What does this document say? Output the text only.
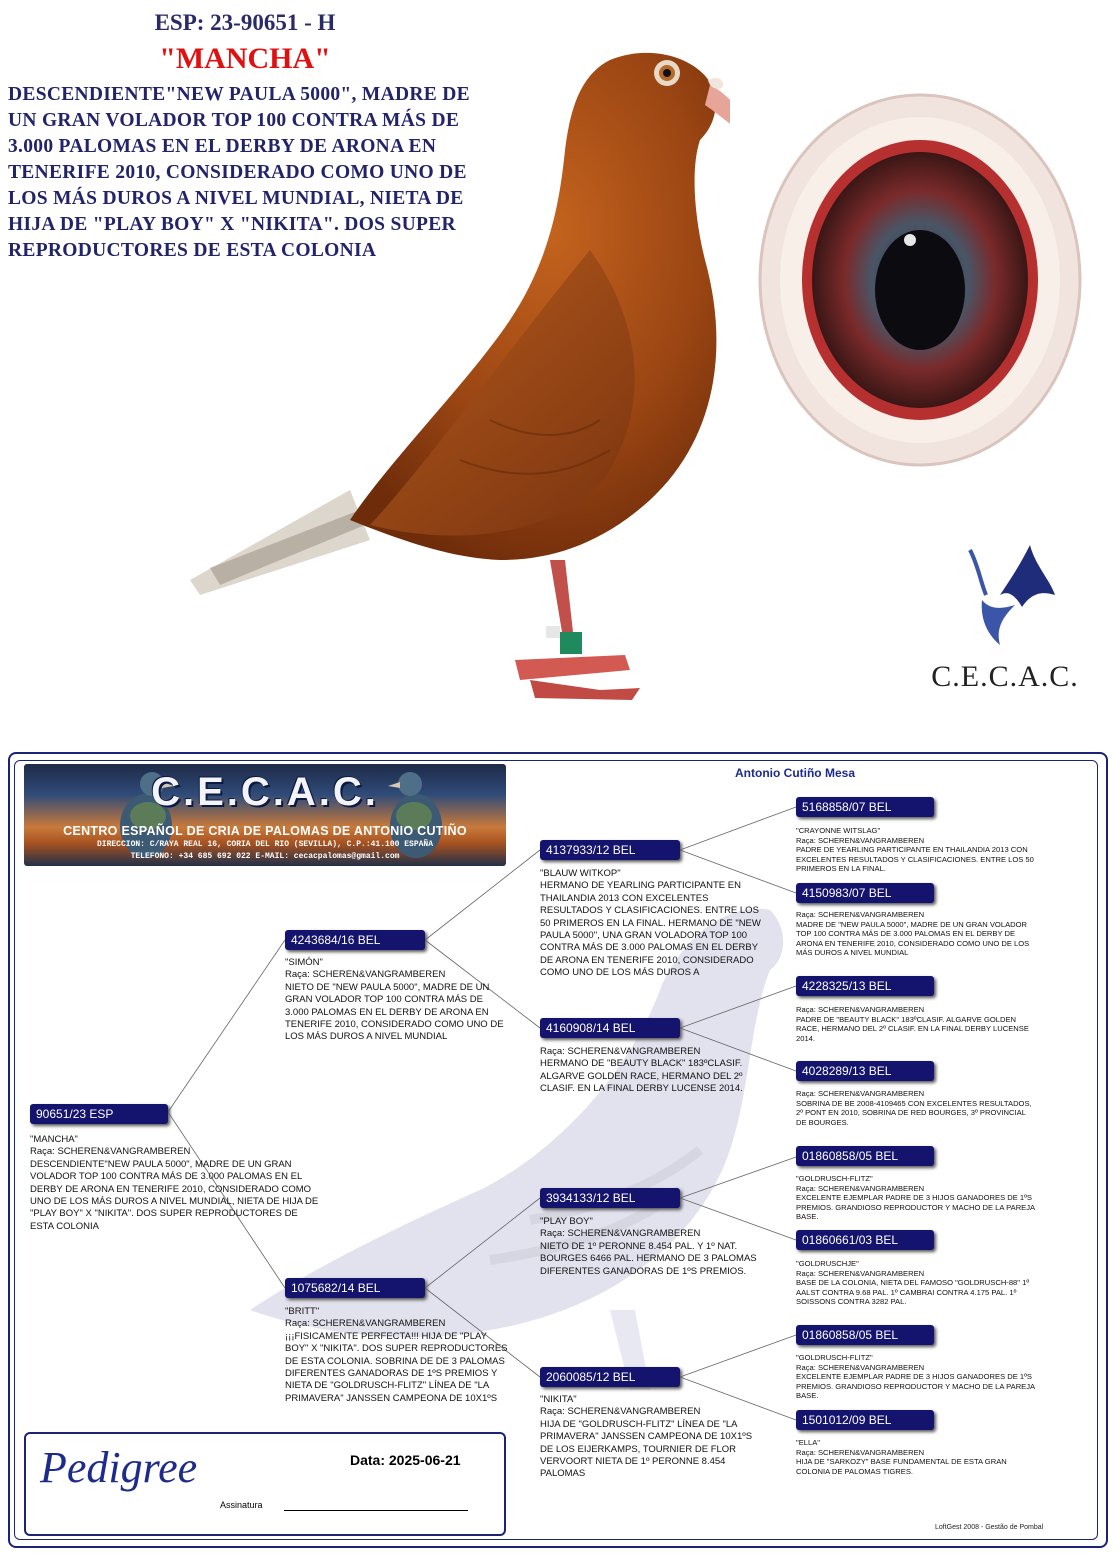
ESP: 23-90651 - H
"MANCHA"
DESCENDIENTE"NEW PAULA 5000", MADRE DE UN GRAN VOLADOR TOP 100 CONTRA MÁS DE 3.000 PALOMAS EN EL DERBY DE ARONA EN TENERIFE 2010, CONSIDERADO COMO UNO DE LOS MÁS DUROS A NIVEL MUNDIAL, NIETA DE HIJA DE "PLAY BOY" X "NIKITA". DOS SUPER REPRODUCTORES DE ESTA COLONIA
C.E.C.A.C.
C.E.C.A.C.
CENTRO ESPAÑOL DE CRIA DE PALOMAS DE ANTONIO CUTIÑO
DIRECCION: C/RAYA REAL 16, CORIA DEL RIO (SEVILLA), C.P.:41.100 ESPAÑA
TELEFONO: +34 685 692 022 E-MAIL: cecacpalomas@gmail.com
Antonio Cutiño Mesa
90651/23 ESP
"MANCHA"
Raça: SCHEREN&VANGRAMBEREN
DESCENDIENTE"NEW PAULA 5000", MADRE DE UN GRAN VOLADOR TOP 100 CONTRA MÁS DE 3.000 PALOMAS EN EL DERBY DE ARONA EN TENERIFE 2010, CONSIDERADO COMO UNO DE LOS MÁS DUROS A NIVEL MUNDIAL, NIETA DE HIJA DE "PLAY BOY" X "NIKITA". DOS SUPER REPRODUCTORES DE ESTA COLONIA
4243684/16 BEL
"SIMÓN"
Raça: SCHEREN&VANGRAMBEREN
NIETO DE "NEW PAULA 5000", MADRE DE UN GRAN VOLADOR TOP 100 CONTRA MÁS DE 3.000 PALOMAS EN EL DERBY DE ARONA EN TENERIFE 2010, CONSIDERADO COMO UNO DE LOS MÁS DUROS A NIVEL MUNDIAL
1075682/14 BEL
"BRITT"
Raça: SCHEREN&VANGRAMBEREN
¡¡¡FISICAMENTE PERFECTA!!! HIJA DE "PLAY BOY" X "NIKITA". DOS SUPER REPRODUCTORES DE ESTA COLONIA. SOBRINA DE DE 3 PALOMAS DIFERENTES GANADORAS DE 1ºS PREMIOS Y NIETA DE "GOLDRUSCH-FLITZ" LÍNEA DE "LA PRIMAVERA" JANSSEN CAMPEONA DE 10X1ºS
4137933/12 BEL
"BLAUW WITKOP"
HERMANO DE YEARLING PARTICIPANTE EN THAILANDIA 2013 CON EXCELENTES RESULTADOS Y CLASIFICACIONES. ENTRE LOS 50 PRIMEROS EN LA FINAL. HERMANO DE "NEW PAULA 5000", UNA GRAN VOLADORA TOP 100 CONTRA MÁS DE 3.000 PALOMAS EN EL DERBY DE ARONA EN TENERIFE 2010, CONSIDERADO COMO UNO DE LOS MÁS DUROS A
4160908/14 BEL
Raça: SCHEREN&VANGRAMBEREN
HERMANO DE "BEAUTY BLACK" 183ºCLASIF. ALGARVE GOLDEN RACE, HERMANO DEL 2º CLASIF. EN LA FINAL DERBY LUCENSE 2014.
3934133/12 BEL
"PLAY BOY"
Raça: SCHEREN&VANGRAMBEREN
NIETO DE 1º PERONNE 8.454 PAL. Y 1º NAT. BOURGES 6466 PAL. HERMANO DE 3 PALOMAS DIFERENTES GANADORAS DE 1ºS PREMIOS.
2060085/12 BEL
"NIKITA"
Raça: SCHEREN&VANGRAMBEREN
HIJA DE "GOLDRUSCH-FLITZ" LÍNEA DE "LA PRIMAVERA" JANSSEN CAMPEONA DE 10X1ºS DE LOS EIJERKAMPS, TOURNIER DE FLOR VERVOORT NIETA DE 1º PERONNE 8.454 PALOMAS
5168858/07 BEL
"CRAYONNE WITSLAG"
Raça: SCHEREN&VANGRAMBEREN
PADRE DE YEARLING PARTICIPANTE EN THAILANDIA 2013 CON EXCELENTES RESULTADOS Y CLASIFICACIONES. ENTRE LOS 50 PRIMEROS EN LA FINAL.
4150983/07 BEL
Raça: SCHEREN&VANGRAMBEREN
MADRE DE "NEW PAULA 5000", MADRE DE UN GRAN VOLADOR TOP 100 CONTRA MÁS DE 3.000 PALOMAS EN EL DERBY DE ARONA EN TENERIFE 2010, CONSIDERADO COMO UNO DE LOS MÁS DUROS A NIVEL MUNDIAL
4228325/13 BEL
Raça: SCHEREN&VANGRAMBEREN
PADRE DE "BEAUTY BLACK" 183ºCLASIF. ALGARVE GOLDEN RACE, HERMANO DEL 2º CLASIF. EN LA FINAL DERBY LUCENSE 2014.
4028289/13 BEL
Raça: SCHEREN&VANGRAMBEREN
SOBRINA DE BE 2008-4109465 CON EXCELENTES RESULTADOS, 2º PONT EN 2010, SOBRINA DE RED BOURGES, 3º PROVINCIAL DE BOURGES.
01860858/05 BEL
"GOLDRUSCH-FLITZ"
Raça: SCHEREN&VANGRAMBEREN
EXCELENTE EJEMPLAR PADRE DE 3 HIJOS GANADORES DE 1ºS PREMIOS. GRANDIOSO REPRODUCTOR Y MACHO DE LA PAREJA BASE.
01860661/03 BEL
"GOLDRUSCHJE"
Raça: SCHEREN&VANGRAMBEREN
BASE DE LA COLONIA, NIETA DEL FAMOSO "GOLDRUSCH-88" 1º AALST CONTRA 9.68 PAL. 1º CAMBRAI CONTRA 4.175 PAL. 1º SOISSONS CONTRA 3282 PAL.
01860858/05 BEL
"GOLDRUSCH-FLITZ"
Raça: SCHEREN&VANGRAMBEREN
EXCELENTE EJEMPLAR PADRE DE 3 HIJOS GANADORES DE 1ºS PREMIOS. GRANDIOSO REPRODUCTOR Y MACHO DE LA PAREJA BASE.
1501012/09 BEL
"ELLA"
Raça: SCHEREN&VANGRAMBEREN
HIJA DE "SARKOZY" BASE FUNDAMENTAL DE ESTA GRAN COLONIA DE PALOMAS TIGRES.
Pedigree	Data: 2025-06-21
Assinatura
LoftGest 2008 - Gestão de Pombal
